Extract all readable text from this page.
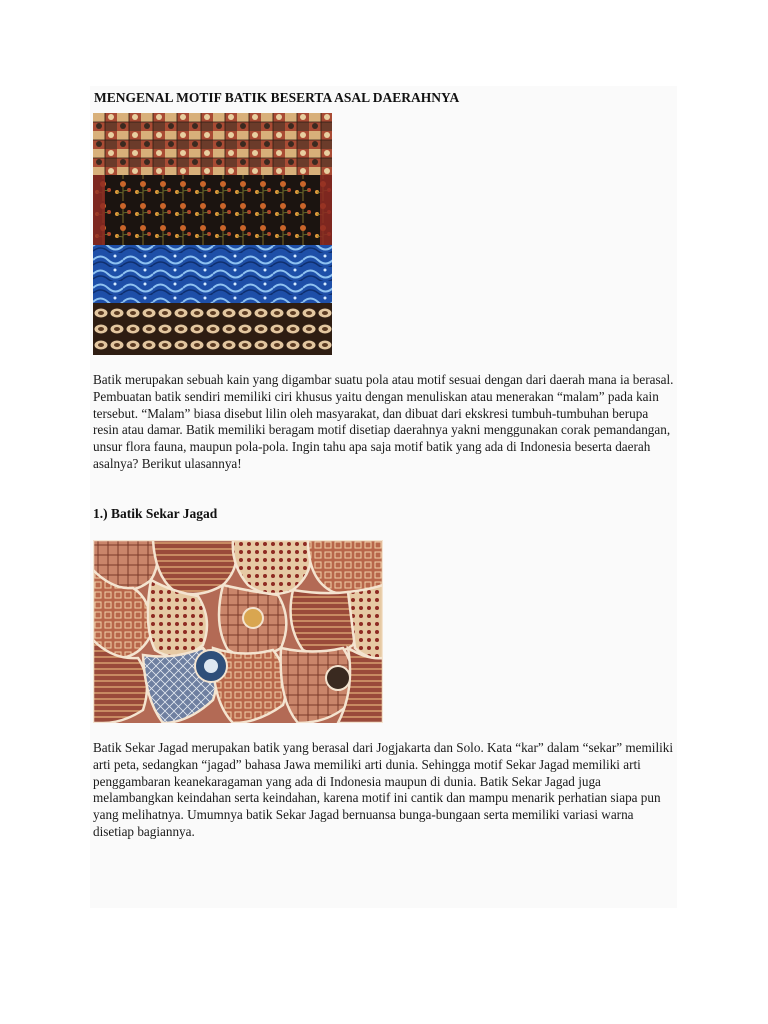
MENGENAL MOTIF BATIK BESERTA ASAL DAERAHNYA

Batik merupakan sebuah kain yang digambar suatu pola atau motif sesuai dengan dari daerah mana ia berasal. Pembuatan batik sendiri memiliki ciri khusus yaitu dengan menuliskan atau menerakan “malam” pada kain tersebut. “Malam” biasa disebut lilin oleh masyarakat, dan dibuat dari ekskresi tumbuh-tumbuhan berupa resin atau damar. Batik memiliki beragam motif disetiap daerahnya yakni menggunakan corak pemandangan, unsur flora fauna, maupun pola-pola. Ingin tahu apa saja motif batik yang ada di Indonesia beserta daerah asalnya? Berikut ulasannya!

1.) Batik Sekar Jagad

Batik Sekar Jagad merupakan batik yang berasal dari Jogjakarta dan Solo. Kata “kar” dalam “sekar” memiliki arti peta, sedangkan “jagad” bahasa Jawa memiliki arti dunia. Sehingga motif Sekar Jagad memiliki arti penggambaran keanekaragaman yang ada di Indonesia maupun di dunia. Batik Sekar Jagad juga melambangkan keindahan serta keindahan, karena motif ini cantik dan mampu menarik perhatian siapa pun yang melihatnya. Umumnya batik Sekar Jagad bernuansa bunga-bungaan serta memiliki variasi warna disetiap bagiannya.
